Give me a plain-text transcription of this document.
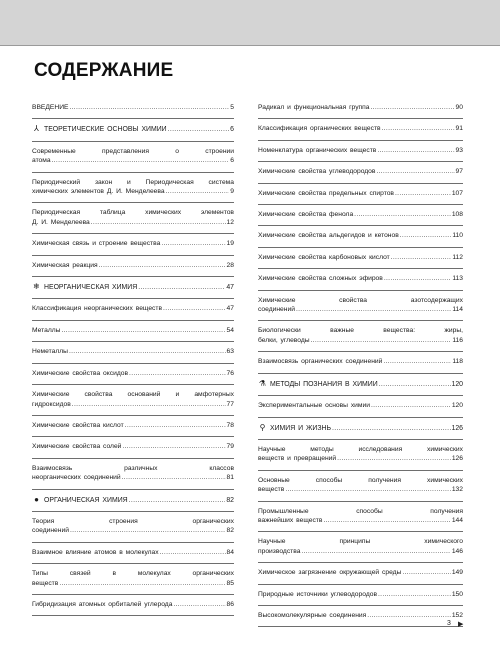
СОДЕРЖАНИЕ
ВВЕДЕНИЕ .....	5
⅄ ТЕОРЕТИЧЕСКИЕ ОСНОВЫ ХИМИИ .....	6
Современные представления о строении
атома .....	6
Периодический закон и Периодическая система
химических элементов Д. И. Менделеева .....	9
Периодическая таблица химических элементов
Д. И. Менделеева .....	12
Химическая связь и строение вещества .....	19
Химическая реакция .....	28
❄ НЕОРГАНИЧЕСКАЯ ХИМИЯ .....	47
Классификация неорганических веществ .....	47
Металлы .....	54
Неметаллы .....	63
Химические свойства оксидов .....	76
Химические свойства оснований и амфотерных
гидроксидов .....	77
Химические свойства кислот .....	78
Химические свойства солей .....	79
Взаимосвязь различных классов
неорганических соединений .....	81
● ОРГАНИЧЕСКАЯ ХИМИЯ .....	82
Теория строения органических
соединений .....	82
Взаимное влияние атомов в молекулах .....	84
Типы связей в молекулах органических
веществ .....	85
Гибридизация атомных орбиталей углерода .....	86
Радикал и функциональная группа .....	90
Классификация органических веществ .....	91
Номенклатура органических веществ .....	93
Химические свойства углеводородов .....	97
Химические свойства предельных спиртов .....	107
Химические свойства фенола .....	108
Химические свойства альдегидов и кетонов .....	110
Химические свойства карбоновых кислот .....	112
Химические свойства сложных эфиров .....	113
Химические свойства азотсодержащих
соединений .....	114
Биологически важные вещества: жиры,
белки, углеводы .....	116
Взаимосвязь органических соединений .....	118
⚗ МЕТОДЫ ПОЗНАНИЯ В ХИМИИ .....	120
Экспериментальные основы химии .....	120
⚲ ХИМИЯ И ЖИЗНЬ .....	126
Научные методы исследования химических
веществ и превращений .....	126
Основные способы получения химических
веществ .....	132
Промышленные способы получения
важнейших веществ .....	144
Научные принципы химического
производства .....	146
Химическое загрязнение окружающей среды .....	149
Природные источники углеводородов .....	150
Высокомолекулярные соединения .....	152
3 ▶
